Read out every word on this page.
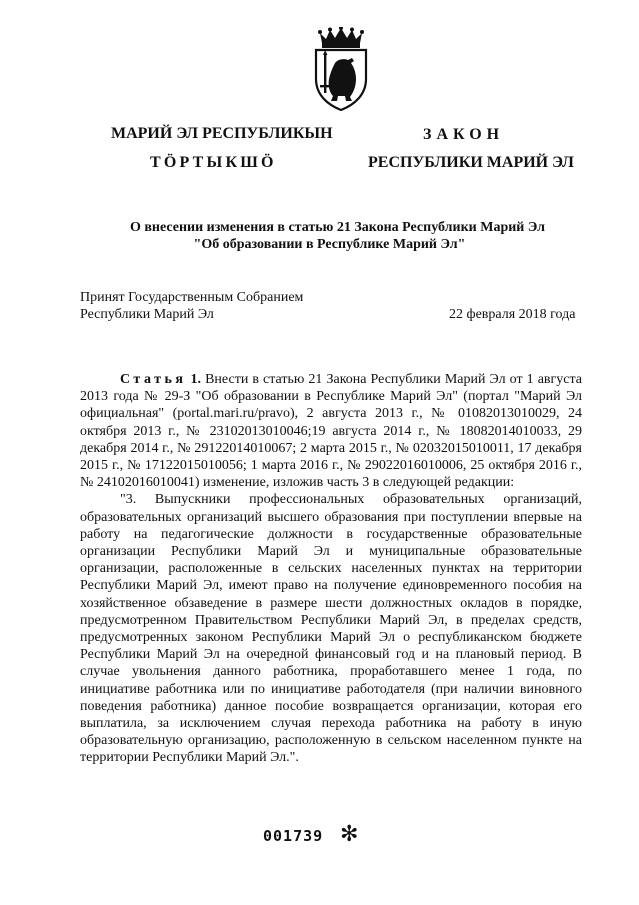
МАРИЙ ЭЛ РЕСПУБЛИКЫН
ТӦРТЫКШӦ
ЗАКОН
РЕСПУБЛИКИ МАРИЙ ЭЛ
О внесении изменения в статью 21 Закона Республики Марий Эл
"Об образовании в Республике Марий Эл"
Принят Государственным Собранием
Республики Марий Эл	22 февраля 2018 года

Статья 1. Внести в статью 21 Закона Республики Марий Эл от 1 августа 2013 года № 29-З "Об образовании в Республике Марий Эл" (портал "Марий Эл официальная" (portal.mari.ru/pravo), 2 августа 2013 г., № 01082013010029, 24 октября 2013 г., № 23102013010046;19 августа 2014 г., № 18082014010033, 29 декабря 2014 г., № 29122014010067; 2 марта 2015 г., № 02032015010011, 17 декабря 2015 г., № 17122015010056; 1 марта 2016 г., № 29022016010006, 25 октября 2016 г., № 24102016010041) изменение, изложив часть 3 в следующей редакции:

"3. Выпускники профессиональных образовательных организаций, образовательных организаций высшего образования при поступлении впервые на работу на педагогические должности в государственные образовательные организации Республики Марий Эл и муниципальные образовательные организации, расположенные в сельских населенных пунктах на территории Республики Марий Эл, имеют право на получение единовременного пособия на хозяйственное обзаведение в размере шести должностных окладов в порядке, предусмотренном Правительством Республики Марий Эл, в пределах средств, предусмотренных законом Республики Марий Эл о республиканском бюджете Республики Марий Эл на очередной финансовый год и на плановый период. В случае увольнения данного работника, проработавшего менее 1 года, по инициативе работника или по инициативе работодателя (при наличии виновного поведения работника) данное пособие возвращается организации, которая его выплатила, за исключением случая перехода работника на работу в иную образовательную организацию, расположенную в сельском населенном пункте на территории Республики Марий Эл.".

001739 ✻
